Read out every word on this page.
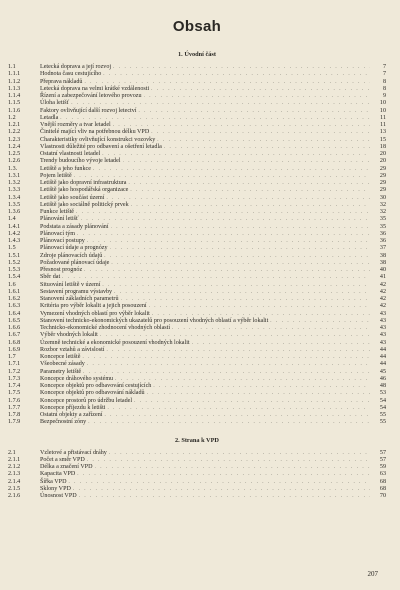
Obsah
1. Úvodní část
1.1	Letecká doprava a její rozvoj . . .	7
1.1.1	Hodnota času cestujícího . . .	7
1.1.2	Přeprava nákladů . . .	8
1.1.3	Letecká doprava na velmi krátké vzdálenosti . . .	8
1.1.4	Řízení a zabezpečování letového provozu . . .	9
1.1.5	Úloha letišť . . .	10
1.1.6	Faktory ovlivňující další rozvoj letectví . . .	10
1.2	Letadla . . .	11
1.2.1	Vnější rozměry a tvar letadel . . .	11
1.2.2	Činitelé mající vliv na potřebnou délku VPD . . .	13
1.2.3	Charakteristiky ovlivňující konstrukci vozovky . . .	15
1.2.4	Vlastnosti důležité pro odbavení a ošetření letadla . . .	18
1.2.5	Ostatní vlastnosti letadel . . .	20
1.2.6	Trendy budoucího vývoje letadel . . .	20
1.3.	Letiště a jeho funkce . . .	29
1.3.1	Pojem letiště . . .	29
1.3.2	Letiště jako dopravní infrastruktura . . .	29
1.3.3	Letiště jako hospodářská organizace . . .	29
1.3.4	Letiště jako součást území . . .	30
1.3.5	Letiště jako sociálně politický prvek . . .	32
1.3.6	Funkce letiště . . .	32
1.4	Plánování letišť . . .	35
1.4.1	Podstata a zásady plánování . . .	35
1.4.2	Plánovací tým . . .	36
1.4.3	Plánovací postupy . . .	36
1.5	Plánovací údaje a prognózy . . .	37
1.5.1	Zdroje plánovacích údajů . . .	38
1.5.2	Požadované plánovací údaje . . .	38
1.5.3	Přesnost prognóz . . .	40
1.5.4	Sběr dat . . .	41
1.6	Situování letiště v území . . .	42
1.6.1	Sestavení programu výstavby . . .	42
1.6.2	Stanovení základních parametrů . . .	42
1.6.3	Kritéria pro výběr lokalit a jejich posouzení . . .	42
1.6.4	Vymezení vhodných oblastí pro výběr lokalit . . .	43
1.6.5	Stanovení technicko-ekonomických ukazatelů pro posouzení vhodných oblastí a výběr lokalit . . .	43
1.6.6	Technicko-ekonomické zhodnocení vhodných oblastí . . .	43
1.6.7	Výběr vhodných lokalit . . .	43
1.6.8	Územně technické a ekonomické posouzení vhodných lokalit . . .	43
1.6.9	Rozbor vztahů a závislostí . . .	44
1.7	Koncepce letiště . . .	44
1.7.1	Všeobecné zásady . . .	44
1.7.2	Parametry letiště . . .	45
1.7.3	Koncepce dráhového systému . . .	46
1.7.4	Koncepce objektů pro odbavování cestujících . . .	48
1.7.5	Koncepce objektů pro odbavování nákladů . . .	53
1.7.6	Koncepce prostorů pro údržbu letadel . . .	54
1.7.7	Koncepce příjezdu k letišti . . .	54
1.7.8	Ostatní objekty a zařízení . . .	55
1.7.9	Bezpečnostní zóny . . .	55
2. Strana k VPD
2.1	Vzletové a přistávací dráhy . . .	57
2.1.1	Počet a směr VPD . . .	57
2.1.2	Délka a značení VPD . . .	59
2.1.3	Kapacita VPD . . .	63
2.1.4	Šířka VPD . . .	68
2.1.5	Sklony VPD . . .	68
2.1.6	Únosnost VPD . . .	70
207
